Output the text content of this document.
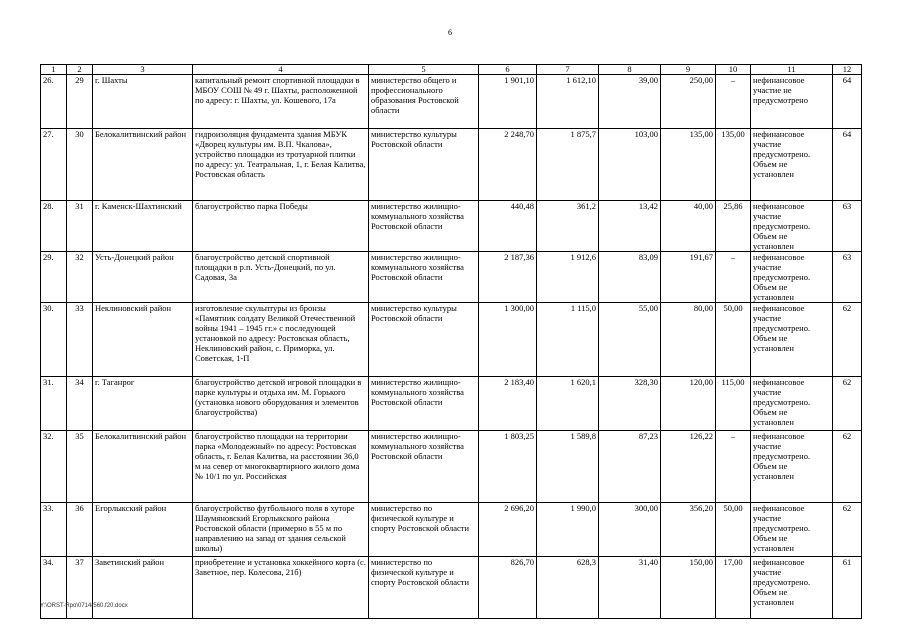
6
1	2	3	4	5	6	7	8	9	10	11	12
26.	29	г. Шахты	капитальный ремонт спортивной площадки в МБОУ СОШ № 49 г. Шахты, расположенной по адресу: г. Шахты, ул. Кошевого, 17а	министерство общего и профессионального образования Ростовской области	1 901,10	1 612,10	39,00	250,00	–	нефинансовое участие не предусмотрено	64
27.	30	Белокалитвинский район	гидроизоляция фундамента здания МБУК «Дворец культуры им. В.П. Чкалова», устройство площадки из тротуарной плитки по адресу: ул. Театральная, 1, г. Белая Калитва, Ростовская область	министерство культуры Ростовской области	2 248,70	1 875,7	103,00	135,00	135,00	нефинансовое участие предусмотрено. Объем не установлен	64
28.	31	г. Каменск-Шахтинский	благоустройство парка Победы	министерство жилищно-коммунального хозяйства Ростовской области	440,48	361,2	13,42	40,00	25,86	нефинансовое участие предусмотрено. Объем не установлен	63
29.	32	Усть-Донецкий район	благоустройство детской спортивной площадки в р.п. Усть-Донецкий, по ул. Садовая, 3а	министерство жилищно-коммунального хозяйства Ростовской области	2 187,36	1 912,6	83,09	191,67	–	нефинансовое участие предусмотрено. Объем не установлен	63
30.	33	Неклиновский район	изготовление скульптуры из бронзы «Памятник солдату Великой Отечественной войны 1941 – 1945 гг.» с последующей установкой по адресу: Ростовская область, Неклиновский район, с. Приморка, ул. Советская, 1-П	министерство культуры Ростовской области	1 300,00	1 115,0	55,00	80,00	50,00	нефинансовое участие предусмотрено. Объем не установлен	62
31.	34	г. Таганрог	благоустройство детской игровой площадки в парке культуры и отдыха им. М. Горького (установка нового оборудования и элементов благоустройства)	министерство жилищно-коммунального хозяйства Ростовской области	2 183,40	1 620,1	328,30	120,00	115,00	нефинансовое участие предусмотрено. Объем не установлен	62
32.	35	Белокалитвинский район	благоустройство площадки на территории парка «Молодежный» по адресу: Ростовская область, г. Белая Калитва, на расстоянии 36,0 м на север от многоквартирного жилого дома № 10/1 по ул. Российская	министерство жилищно-коммунального хозяйства Ростовской области	1 803,25	1 589,8	87,23	126,22	–	нефинансовое участие предусмотрено. Объем не установлен	62
33.	36	Егорлыкский район	благоустройство футбольного поля в хуторе Шаумяновский Егорлыкского района Ростовской области (примерно в 55 м по направлению на запад от здания сельской школы)	министерство по физической культуре и спорту Ростовской области	2 696,20	1 990,0	300,00	356,20	50,00	нефинансовое участие предусмотрено. Объем не установлен	62
34.	37	Заветинский район	приобретение и установка хоккейного корта (с. Заветное, пер. Колесова, 21б)	министерство по физической культуре и спорту Ростовской области	826,70	628,3	31,40	150,00	17,00	нефинансовое участие предусмотрено. Объем не установлен	61
Y:\ORST-Rpo\0714r560.f20.docx
